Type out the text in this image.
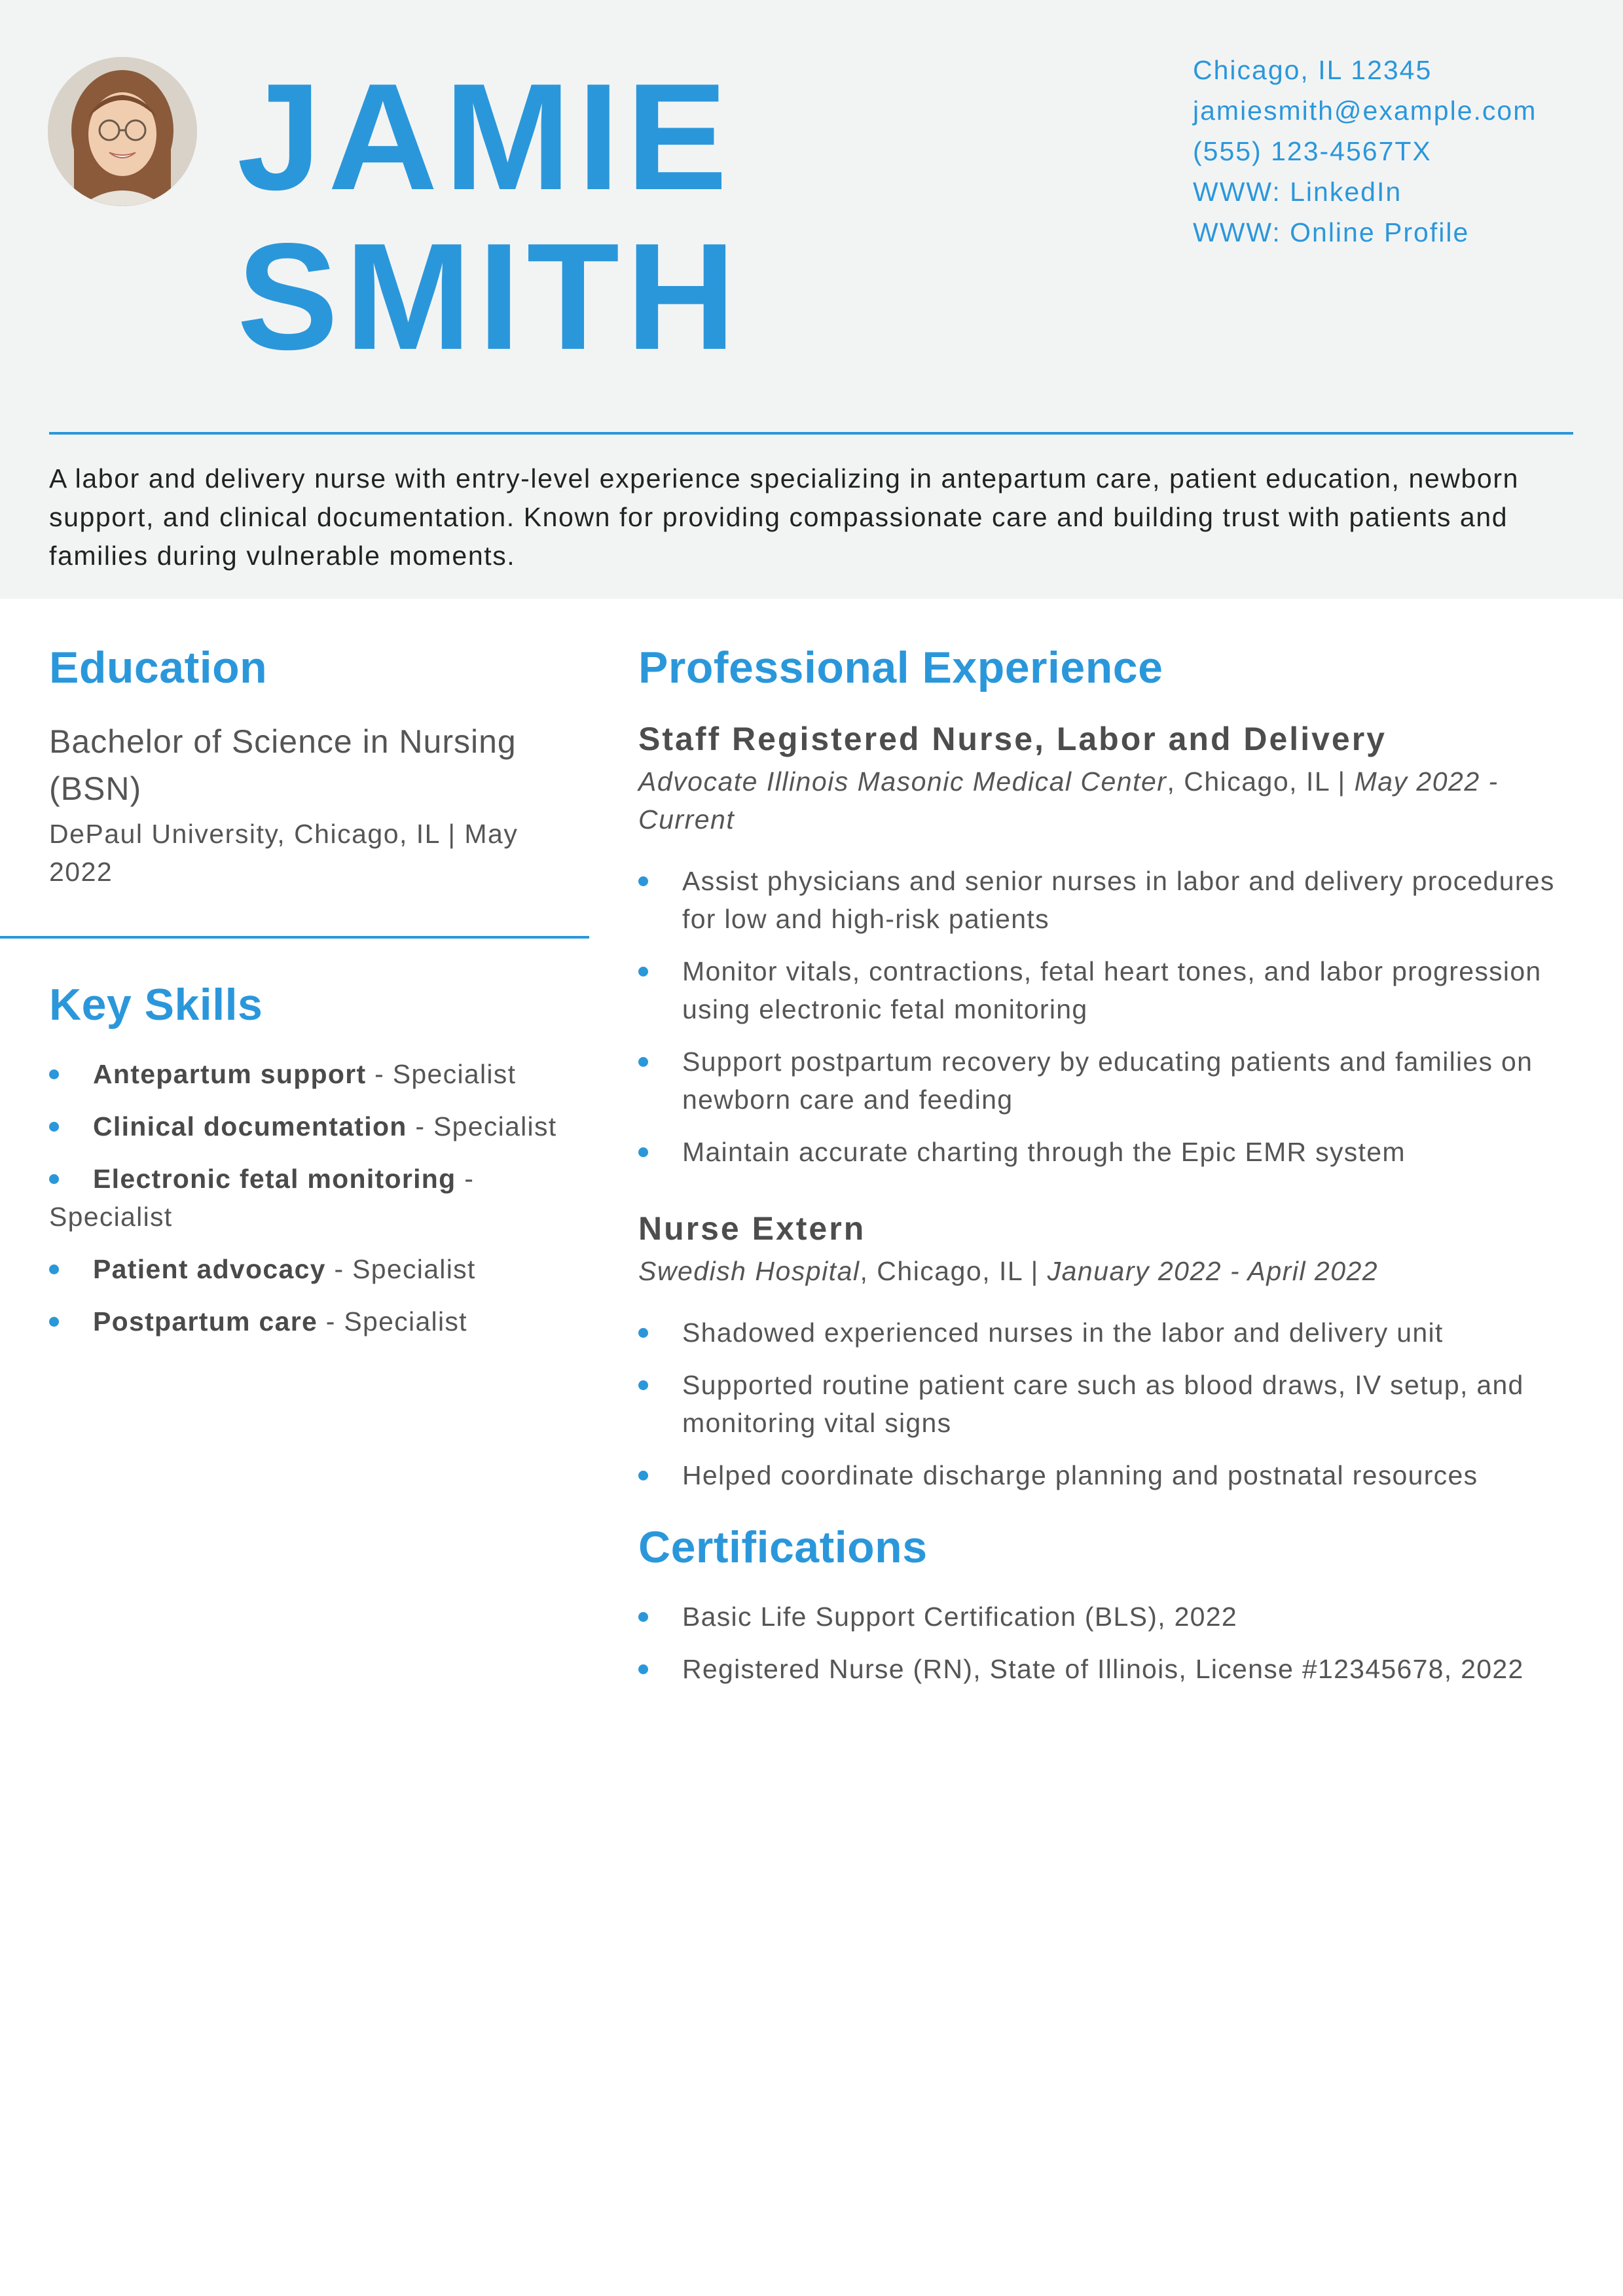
JAMIE
SMITH
Chicago, IL 12345
jamiesmith@example.com
(555) 123-4567TX
WWW: LinkedIn
WWW: Online Profile

A labor and delivery nurse with entry-level experience specializing in antepartum care, patient education, newborn support, and clinical documentation. Known for providing compassionate care and building trust with patients and families during vulnerable moments.

Education
Bachelor of Science in Nursing (BSN)
DePaul University, Chicago, IL | May 2022
Key Skills
Antepartum support - Specialist
Clinical documentation - Specialist
Electronic fetal monitoring - Specialist
Patient advocacy - Specialist
Postpartum care - Specialist
Professional Experience
Staff Registered Nurse, Labor and Delivery
Advocate Illinois Masonic Medical Center, Chicago, IL | May 2022 - Current
Assist physicians and senior nurses in labor and delivery procedures for low and high-risk patients
Monitor vitals, contractions, fetal heart tones, and labor progression using electronic fetal monitoring
Support postpartum recovery by educating patients and families on newborn care and feeding
Maintain accurate charting through the Epic EMR system
Nurse Extern
Swedish Hospital, Chicago, IL | January 2022 - April 2022
Shadowed experienced nurses in the labor and delivery unit
Supported routine patient care such as blood draws, IV setup, and monitoring vital signs
Helped coordinate discharge planning and postnatal resources
Certifications
Basic Life Support Certification (BLS), 2022
Registered Nurse (RN), State of Illinois, License #12345678, 2022
